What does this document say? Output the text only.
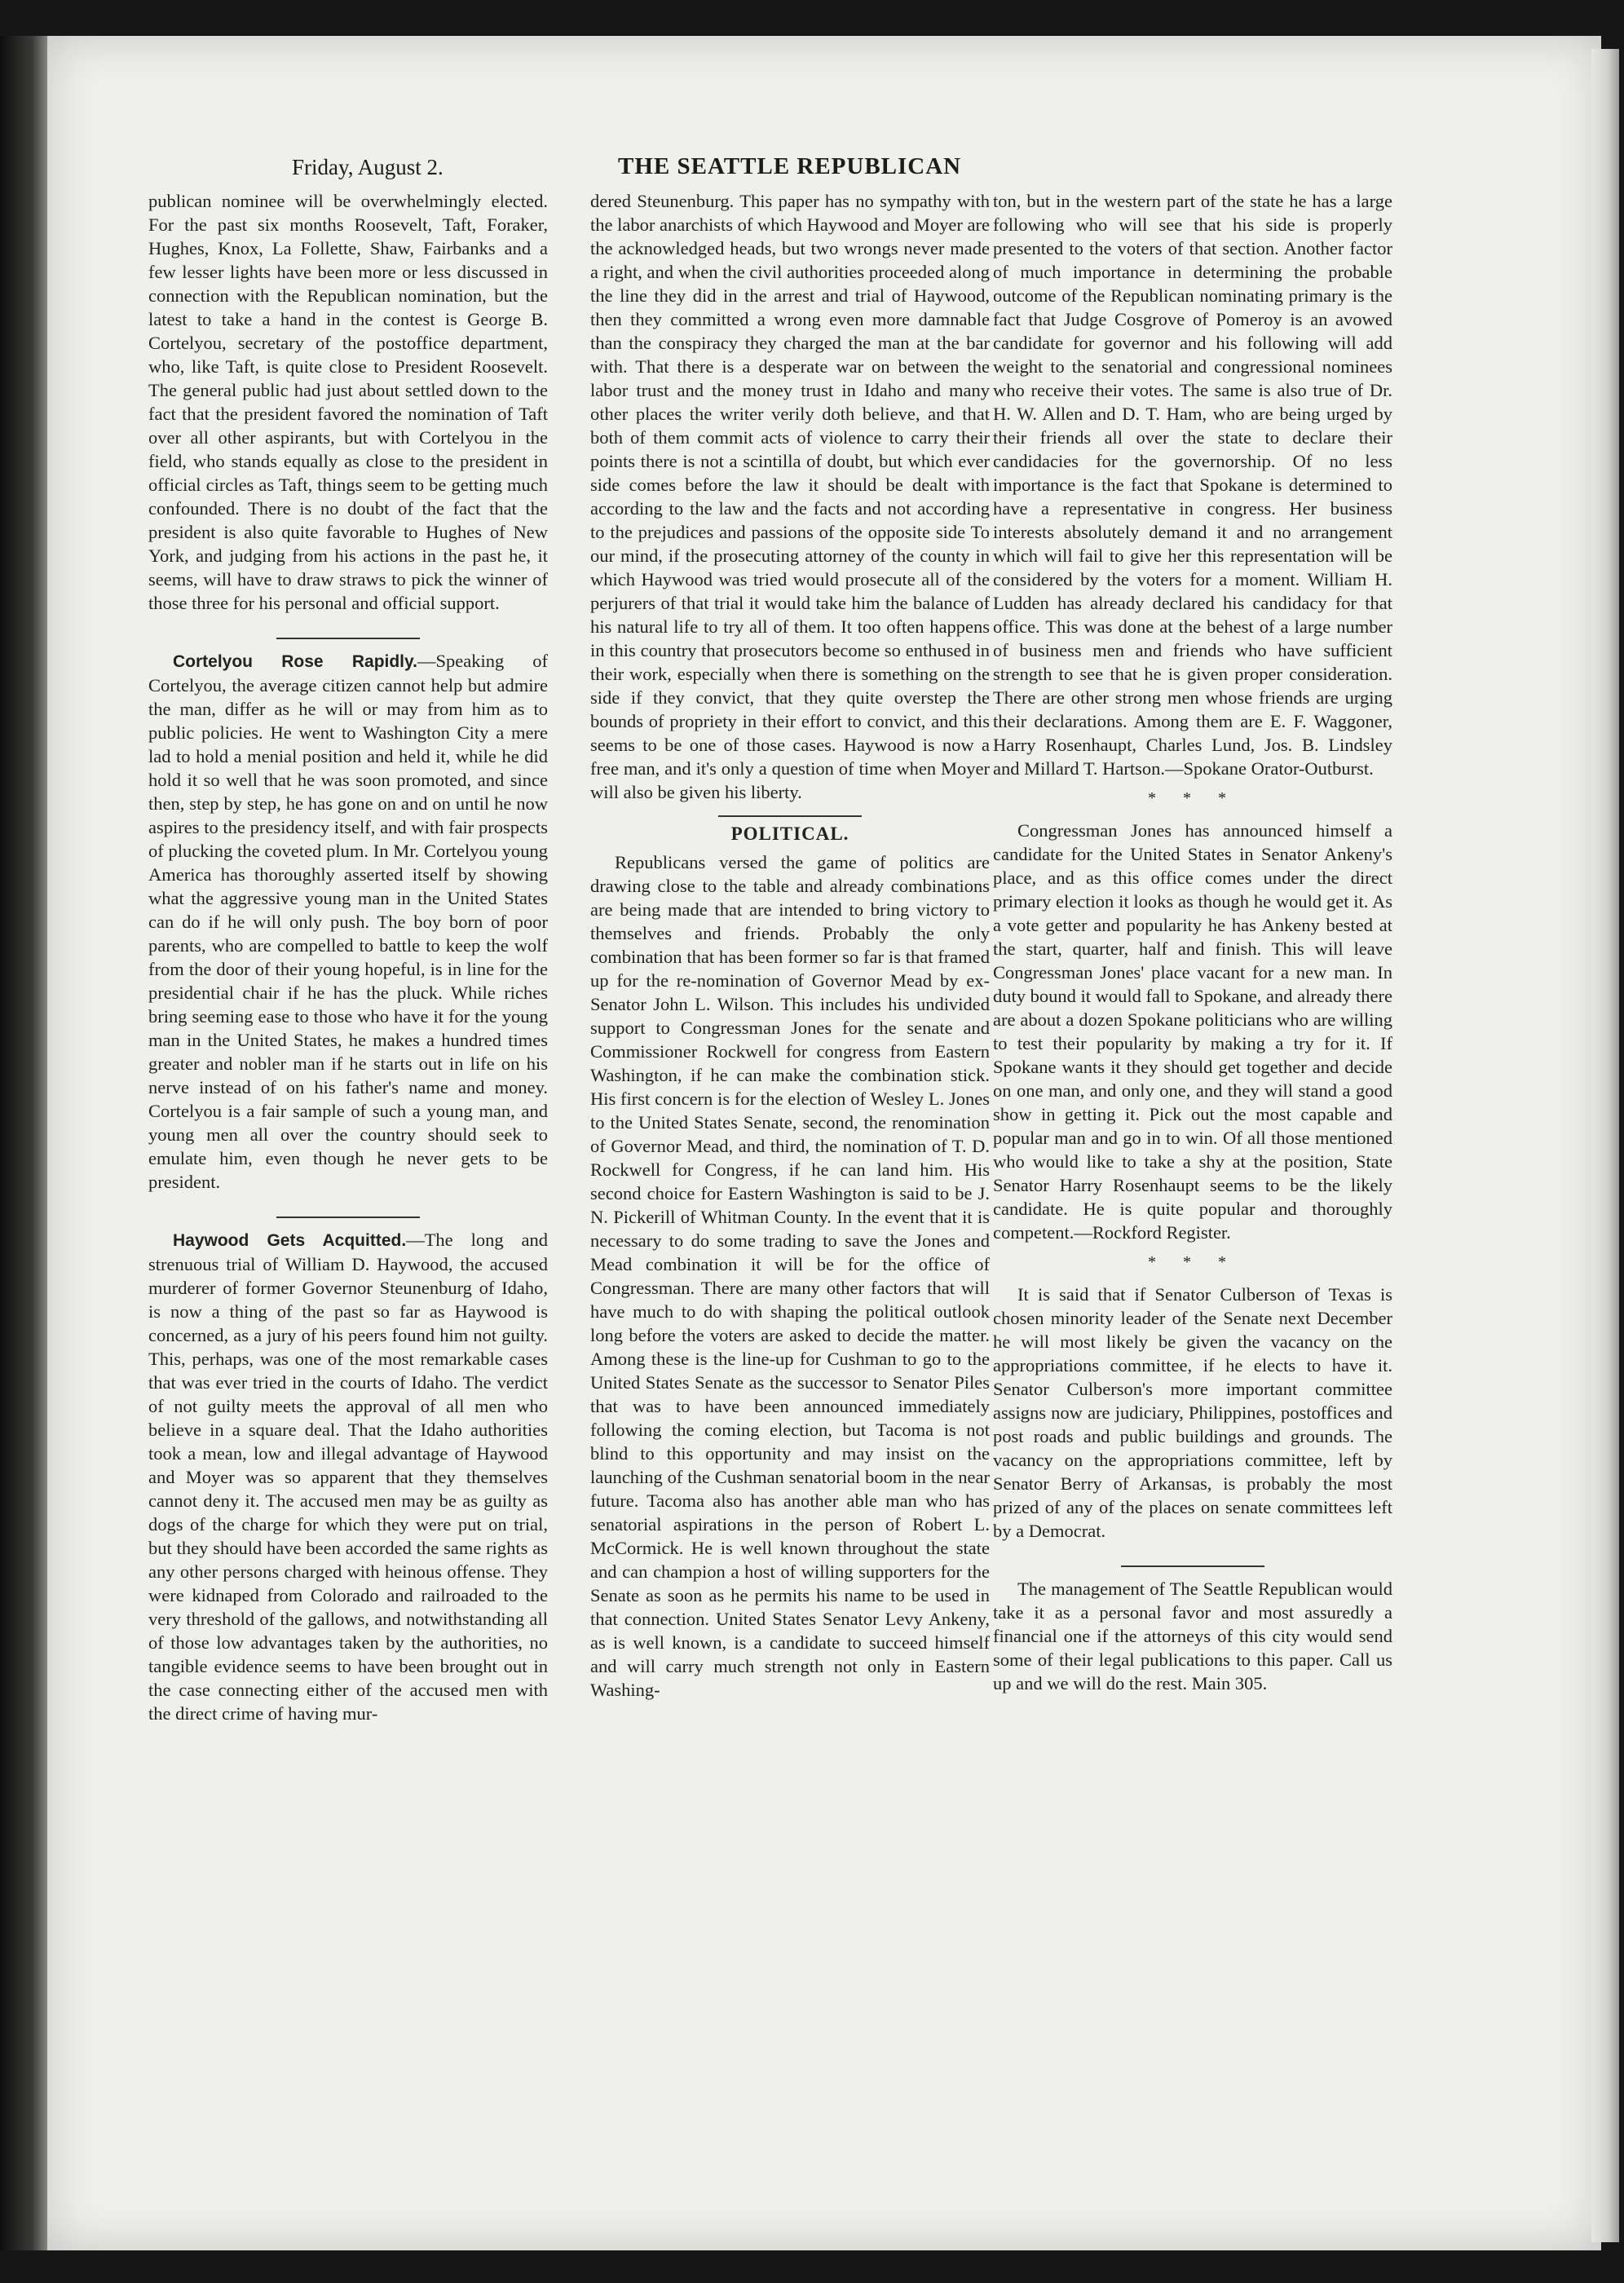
Friday, August 2.	THE SEATTLE REPUBLICAN

publican nominee will be overwhelmingly elected. For the past six months Roosevelt, Taft, Foraker, Hughes, Knox, La Follette, Shaw, Fairbanks and a few lesser lights have been more or less discussed in connection with the Republican nomination, but the latest to take a hand in the contest is George B. Cortelyou, secretary of the postoffice department, who, like Taft, is quite close to President Roosevelt. The general public had just about settled down to the fact that the president favored the nomination of Taft over all other aspirants, but with Cortelyou in the field, who stands equally as close to the president in official circles as Taft, things seem to be getting much confounded. There is no doubt of the fact that the president is also quite favorable to Hughes of New York, and judging from his actions in the past he, it seems, will have to draw straws to pick the winner of those three for his personal and official support.

Cortelyou Rose Rapidly.—Speaking of Cortelyou, the average citizen cannot help but admire the man, differ as he will or may from him as to public policies. He went to Washington City a mere lad to hold a menial position and held it, while he did hold it so well that he was soon promoted, and since then, step by step, he has gone on and on until he now aspires to the presidency itself, and with fair prospects of plucking the coveted plum. In Mr. Cortelyou young America has thoroughly asserted itself by showing what the aggressive young man in the United States can do if he will only push. The boy born of poor parents, who are compelled to battle to keep the wolf from the door of their young hopeful, is in line for the presidential chair if he has the pluck. While riches bring seeming ease to those who have it for the young man in the United States, he makes a hundred times greater and nobler man if he starts out in life on his nerve instead of on his father's name and money. Cortelyou is a fair sample of such a young man, and young men all over the country should seek to emulate him, even though he never gets to be president.

Haywood Gets Acquitted.—The long and strenuous trial of William D. Haywood, the accused murderer of former Governor Steunenburg of Idaho, is now a thing of the past so far as Haywood is concerned, as a jury of his peers found him not guilty. This, perhaps, was one of the most remarkable cases that was ever tried in the courts of Idaho. The verdict of not guilty meets the approval of all men who believe in a square deal. That the Idaho authorities took a mean, low and illegal advantage of Haywood and Moyer was so apparent that they themselves cannot deny it. The accused men may be as guilty as dogs of the charge for which they were put on trial, but they should have been accorded the same rights as any other persons charged with heinous offense. They were kidnaped from Colorado and railroaded to the very threshold of the gallows, and notwithstanding all of those low advantages taken by the authorities, no tangible evidence seems to have been brought out in the case connecting either of the accused men with the direct crime of having mur-

dered Steunenburg. This paper has no sympathy with the labor anarchists of which Haywood and Moyer are the acknowledged heads, but two wrongs never made a right, and when the civil authorities proceeded along the line they did in the arrest and trial of Haywood, then they committed a wrong even more damnable than the conspiracy they charged the man at the bar with. That there is a desperate war on between the labor trust and the money trust in Idaho and many other places the writer verily doth believe, and that both of them commit acts of violence to carry their points there is not a scintilla of doubt, but which ever side comes before the law it should be dealt with according to the law and the facts and not according to the prejudices and passions of the opposite side To our mind, if the prosecuting attorney of the county in which Haywood was tried would prosecute all of the perjurers of that trial it would take him the balance of his natural life to try all of them. It too often happens in this country that prosecutors become so enthused in their work, especially when there is something on the side if they convict, that they quite overstep the bounds of propriety in their effort to convict, and this seems to be one of those cases. Haywood is now a free man, and it's only a question of time when Moyer will also be given his liberty.

POLITICAL.

Republicans versed the game of politics are drawing close to the table and already combinations are being made that are intended to bring victory to themselves and friends. Probably the only combination that has been former so far is that framed up for the re-nomination of Governor Mead by ex-Senator John L. Wilson. This includes his undivided support to Congressman Jones for the senate and Commissioner Rockwell for congress from Eastern Washington, if he can make the combination stick. His first concern is for the election of Wesley L. Jones to the United States Senate, second, the renomination of Governor Mead, and third, the nomination of T. D. Rockwell for Congress, if he can land him. His second choice for Eastern Washington is said to be J. N. Pickerill of Whitman County. In the event that it is necessary to do some trading to save the Jones and Mead combination it will be for the office of Congressman. There are many other factors that will have much to do with shaping the political outlook long before the voters are asked to decide the matter. Among these is the line-up for Cushman to go to the United States Senate as the successor to Senator Piles that was to have been announced immediately following the coming election, but Tacoma is not blind to this opportunity and may insist on the launching of the Cushman senatorial boom in the near future. Tacoma also has another able man who has senatorial aspirations in the person of Robert L. McCormick. He is well known throughout the state and can champion a host of willing supporters for the Senate as soon as he permits his name to be used in that connection. United States Senator Levy Ankeny, as is well known, is a candidate to succeed himself and will carry much strength not only in Eastern Washing-

ton, but in the western part of the state he has a large following who will see that his side is properly presented to the voters of that section. Another factor of much importance in determining the probable outcome of the Republican nominating primary is the fact that Judge Cosgrove of Pomeroy is an avowed candidate for governor and his following will add weight to the senatorial and congressional nominees who receive their votes. The same is also true of Dr. H. W. Allen and D. T. Ham, who are being urged by their friends all over the state to declare their candidacies for the governorship. Of no less importance is the fact that Spokane is determined to have a representative in congress. Her business interests absolutely demand it and no arrangement which will fail to give her this representation will be considered by the voters for a moment. William H. Ludden has already declared his candidacy for that office. This was done at the behest of a large number of business men and friends who have sufficient strength to see that he is given proper consideration. There are other strong men whose friends are urging their declarations. Among them are E. F. Waggoner, Harry Rosenhaupt, Charles Lund, Jos. B. Lindsley and Millard T. Hartson.—Spokane Orator-Outburst.

* * *

Congressman Jones has announced himself a candidate for the United States in Senator Ankeny's place, and as this office comes under the direct primary election it looks as though he would get it. As a vote getter and popularity he has Ankeny bested at the start, quarter, half and finish. This will leave Congressman Jones' place vacant for a new man. In duty bound it would fall to Spokane, and already there are about a dozen Spokane politicians who are willing to test their popularity by making a try for it. If Spokane wants it they should get together and decide on one man, and only one, and they will stand a good show in getting it. Pick out the most capable and popular man and go in to win. Of all those mentioned who would like to take a shy at the position, State Senator Harry Rosenhaupt seems to be the likely candidate. He is quite popular and thoroughly competent.—Rockford Register.

* * *

It is said that if Senator Culberson of Texas is chosen minority leader of the Senate next December he will most likely be given the vacancy on the appropriations committee, if he elects to have it. Senator Culberson's more important committee assigns now are judiciary, Philippines, postoffices and post roads and public buildings and grounds. The vacancy on the appropriations committee, left by Senator Berry of Arkansas, is probably the most prized of any of the places on senate committees left by a Democrat.

The management of The Seattle Republican would take it as a personal favor and most assuredly a financial one if the attorneys of this city would send some of their legal publications to this paper. Call us up and we will do the rest. Main 305.
